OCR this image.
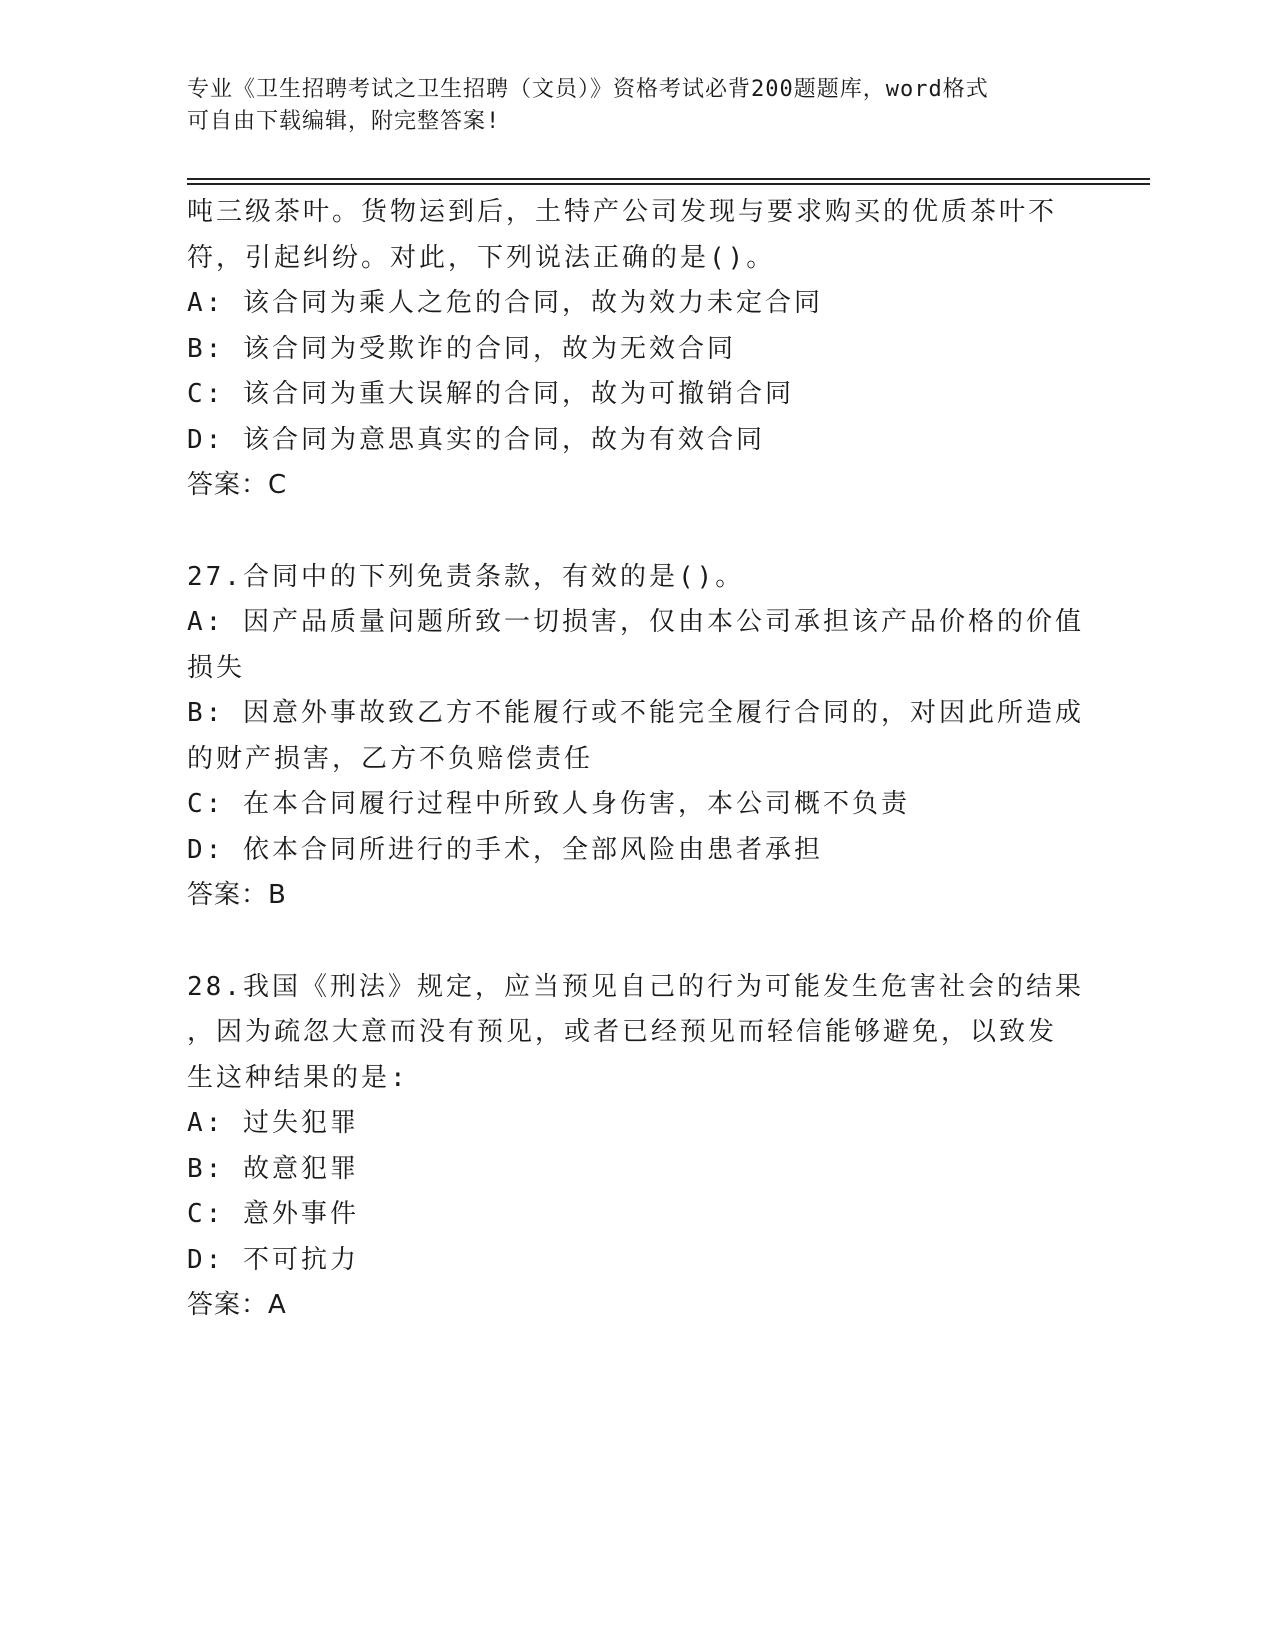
专业《卫生招聘考试之卫生招聘（文员）》资格考试必背200题题库，word格式
可自由下载编辑，附完整答案!
吨三级茶叶。货物运到后，土特产公司发现与要求购买的优质茶叶不
符，引起纠纷。对此，下列说法正确的是()。
A: 该合同为乘人之危的合同，故为效力未定合同
B: 该合同为受欺诈的合同，故为无效合同
C: 该合同为重大误解的合同，故为可撤销合同
D: 该合同为意思真实的合同，故为有效合同
答案：C
27.合同中的下列免责条款，有效的是()。
A: 因产品质量问题所致一切损害，仅由本公司承担该产品价格的价值
损失
B: 因意外事故致乙方不能履行或不能完全履行合同的，对因此所造成
的财产损害，乙方不负赔偿责任
C: 在本合同履行过程中所致人身伤害，本公司概不负责
D: 依本合同所进行的手术，全部风险由患者承担
答案：B
28.我国《刑法》规定，应当预见自己的行为可能发生危害社会的结果
，因为疏忽大意而没有预见，或者已经预见而轻信能够避免，以致发
生这种结果的是:
A: 过失犯罪
B: 故意犯罪
C: 意外事件
D: 不可抗力
答案：A
